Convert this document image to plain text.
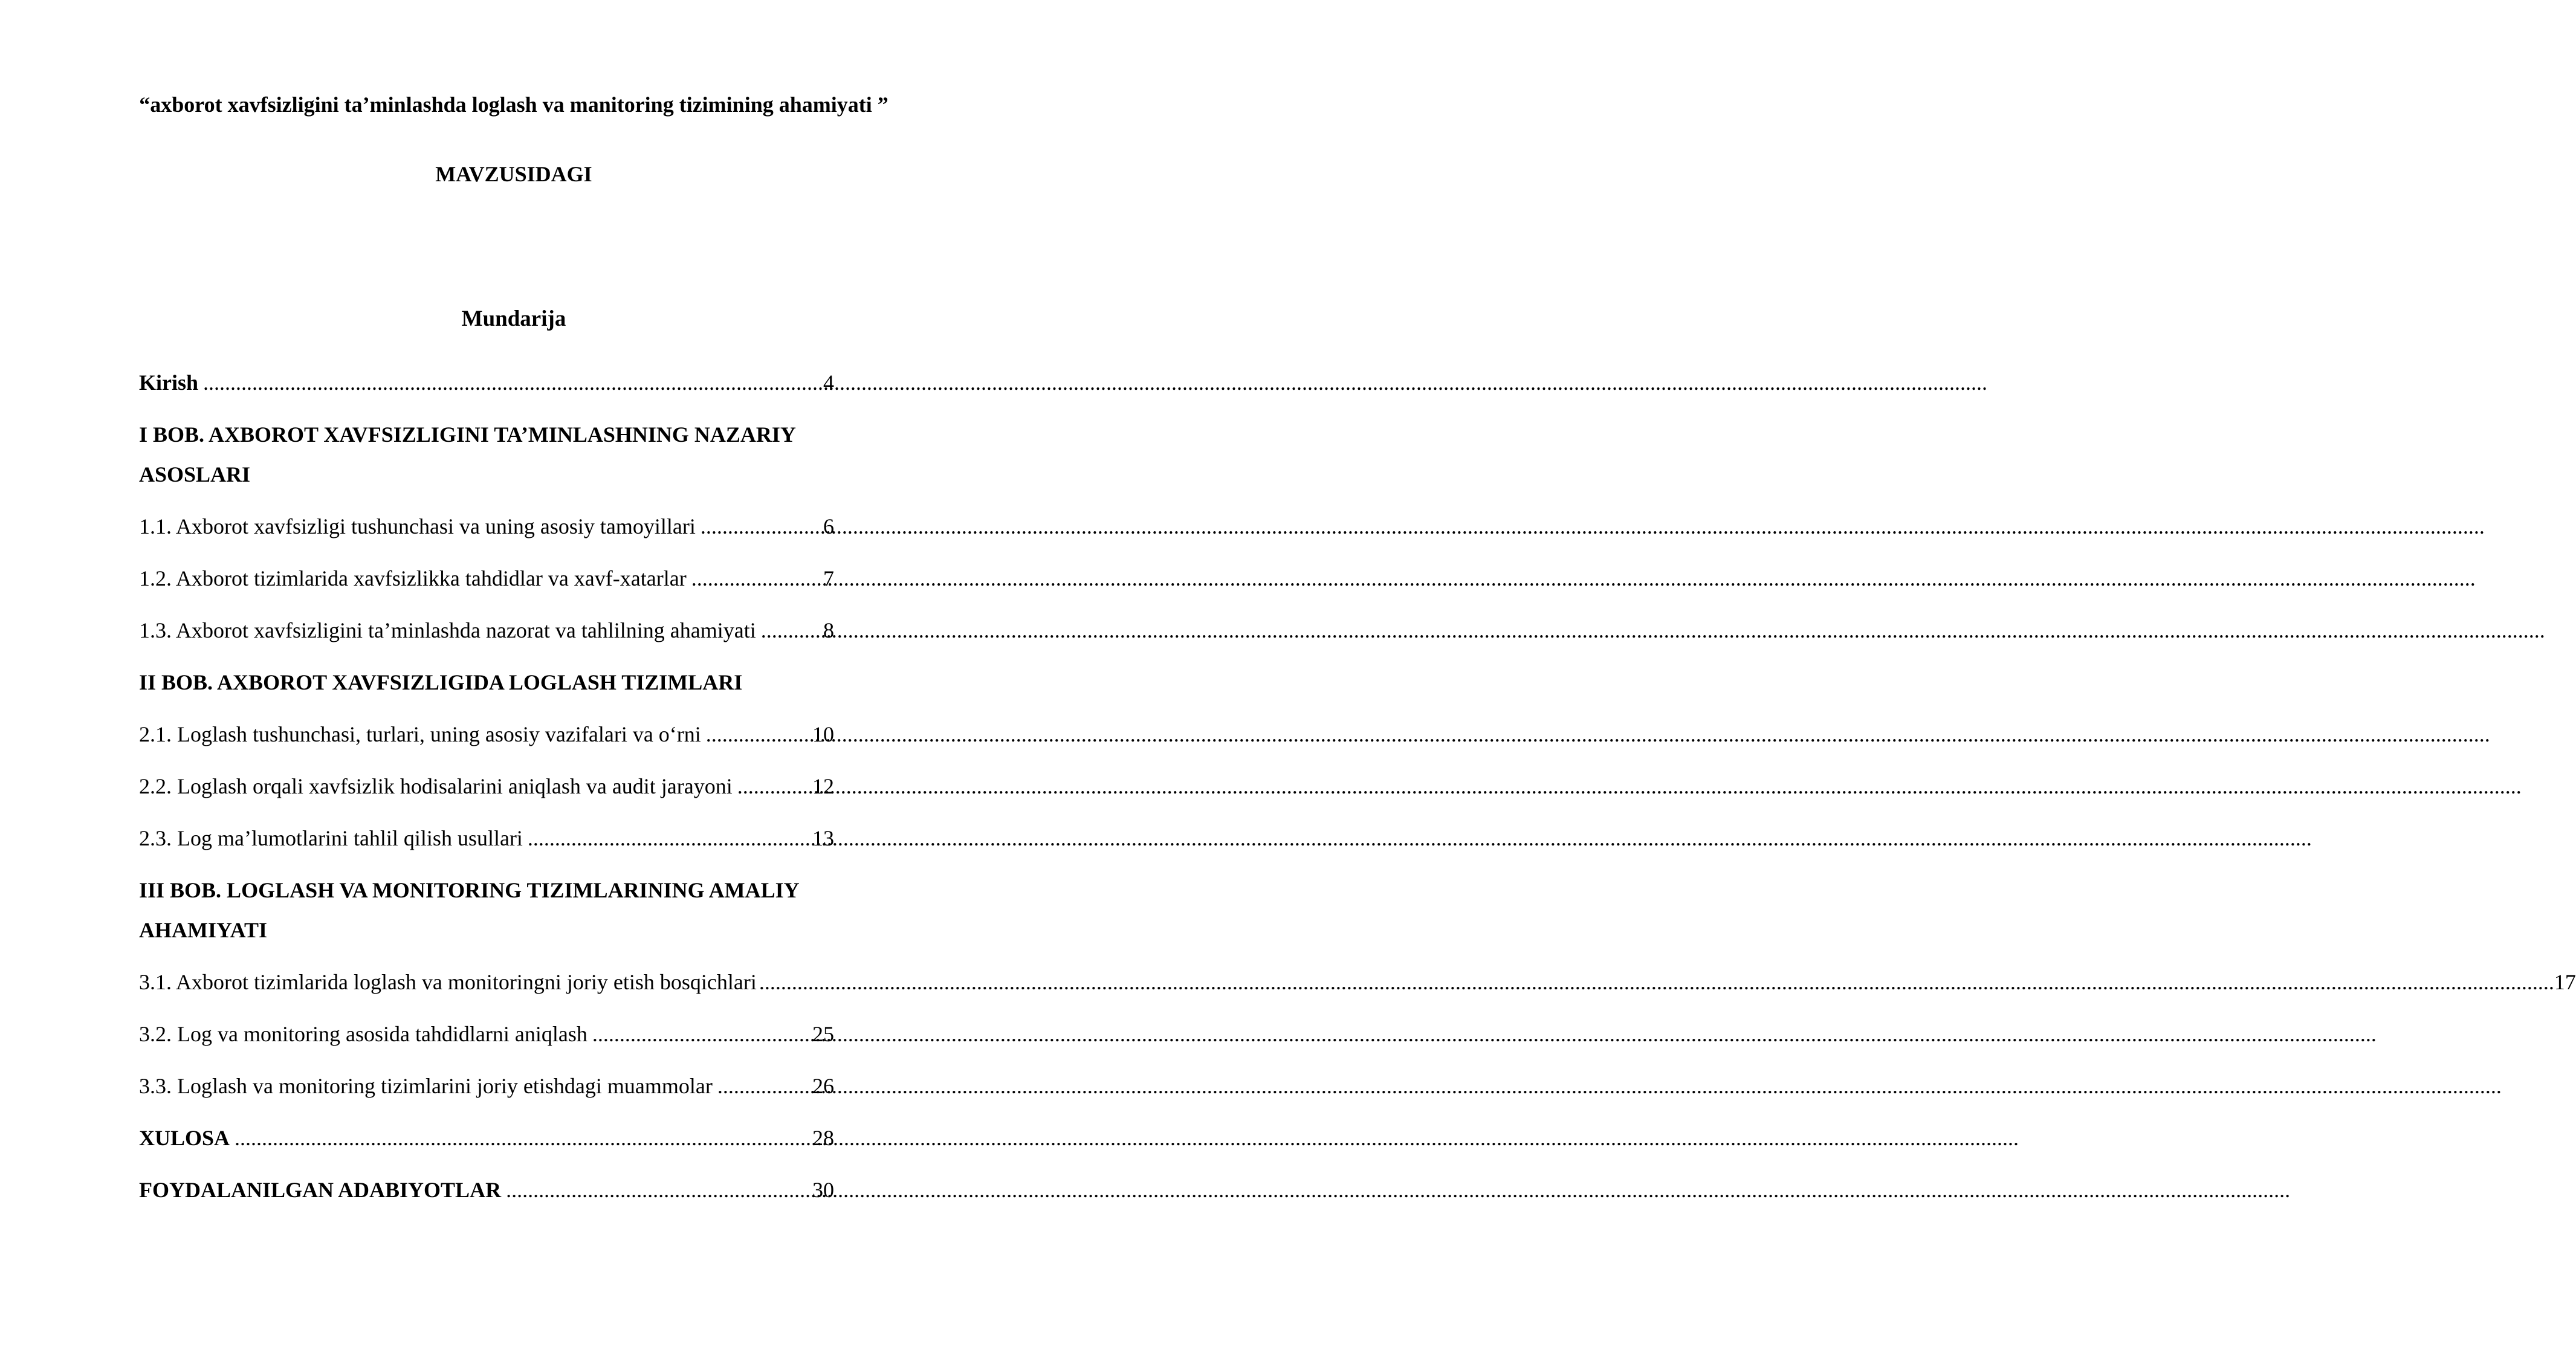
“axborot xavfsizligini ta’minlashda loglash va manitoring tizimining ahamiyati ”
MAVZUSIDAGI
Mundarija
Kirish .....	4
I BOB. AXBOROT XAVFSIZLIGINI TA’MINLASHNING NAZARIY
ASOSLARI
1.1. Axborot xavfsizligi tushunchasi va uning asosiy tamoyillari .....	6
1.2. Axborot tizimlarida xavfsizlikka tahdidlar va xavf-xatarlar .....	7
1.3. Axborot xavfsizligini ta’minlashda nazorat va tahlilning ahamiyati .....	8
II BOB. AXBOROT XAVFSIZLIGIDA LOGLASH TIZIMLARI
2.1. Loglash tushunchasi, turlari, uning asosiy vazifalari va o‘rni .....	10
2.2. Loglash orqali xavfsizlik hodisalarini aniqlash va audit jarayoni .....	12
2.3. Log ma’lumotlarini tahlil qilish usullari .....	13
III BOB. LOGLASH VA MONITORING TIZIMLARINING AMALIY
AHAMIYATI
3.1. Axborot tizimlarida loglash va monitoringni joriy etish bosqichlari .. .....	17
3.2. Log va monitoring asosida tahdidlarni aniqlash .....	25
3.3. Loglash va monitoring tizimlarini joriy etishdagi muammolar .....	26
XULOSA .....	28
FOYDALANILGAN ADABIYOTLAR .....	30
